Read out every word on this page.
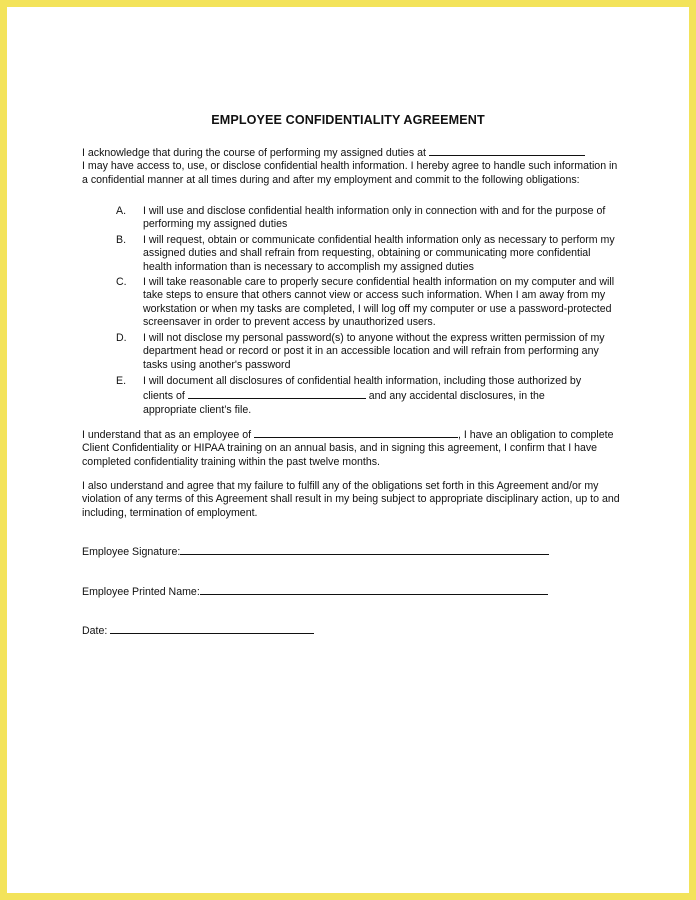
EMPLOYEE CONFIDENTIALITY AGREEMENT
I acknowledge that during the course of performing my assigned duties at
I may have access to, use, or disclose confidential health information. I hereby agree to handle such information in a confidential manner at all times during and after my employment and commit to the following obligations:
A. I will use and disclose confidential health information only in connection with and for the purpose of performing my assigned duties
B. I will request, obtain or communicate confidential health information only as necessary to perform my assigned duties and shall refrain from requesting, obtaining or communicating more confidential health information than is necessary to accomplish my assigned duties
C. I will take reasonable care to properly secure confidential health information on my computer and will take steps to ensure that others cannot view or access such information. When I am away from my workstation or when my tasks are completed, I will log off my computer or use a password-protected screensaver in order to prevent access by unauthorized users.
D. I will not disclose my personal password(s) to anyone without the express written permission of my department head or record or post it in an accessible location and will refrain from performing any tasks using another's password
E. I will document all disclosures of confidential health information, including those authorized by
clients of	and any accidental disclosures, in the
appropriate client’s file.
I understand that as an employee of	, I have an obligation to complete Client Confidentiality or HIPAA training on an annual basis, and in signing this agreement, I confirm that I have completed confidentiality training within the past twelve months.
I also understand and agree that my failure to fulfill any of the obligations set forth in this Agreement and/or my violation of any terms of this Agreement shall result in my being subject to appropriate disciplinary action, up to and including, termination of employment.
Employee Signature:
Employee Printed Name:
Date:
